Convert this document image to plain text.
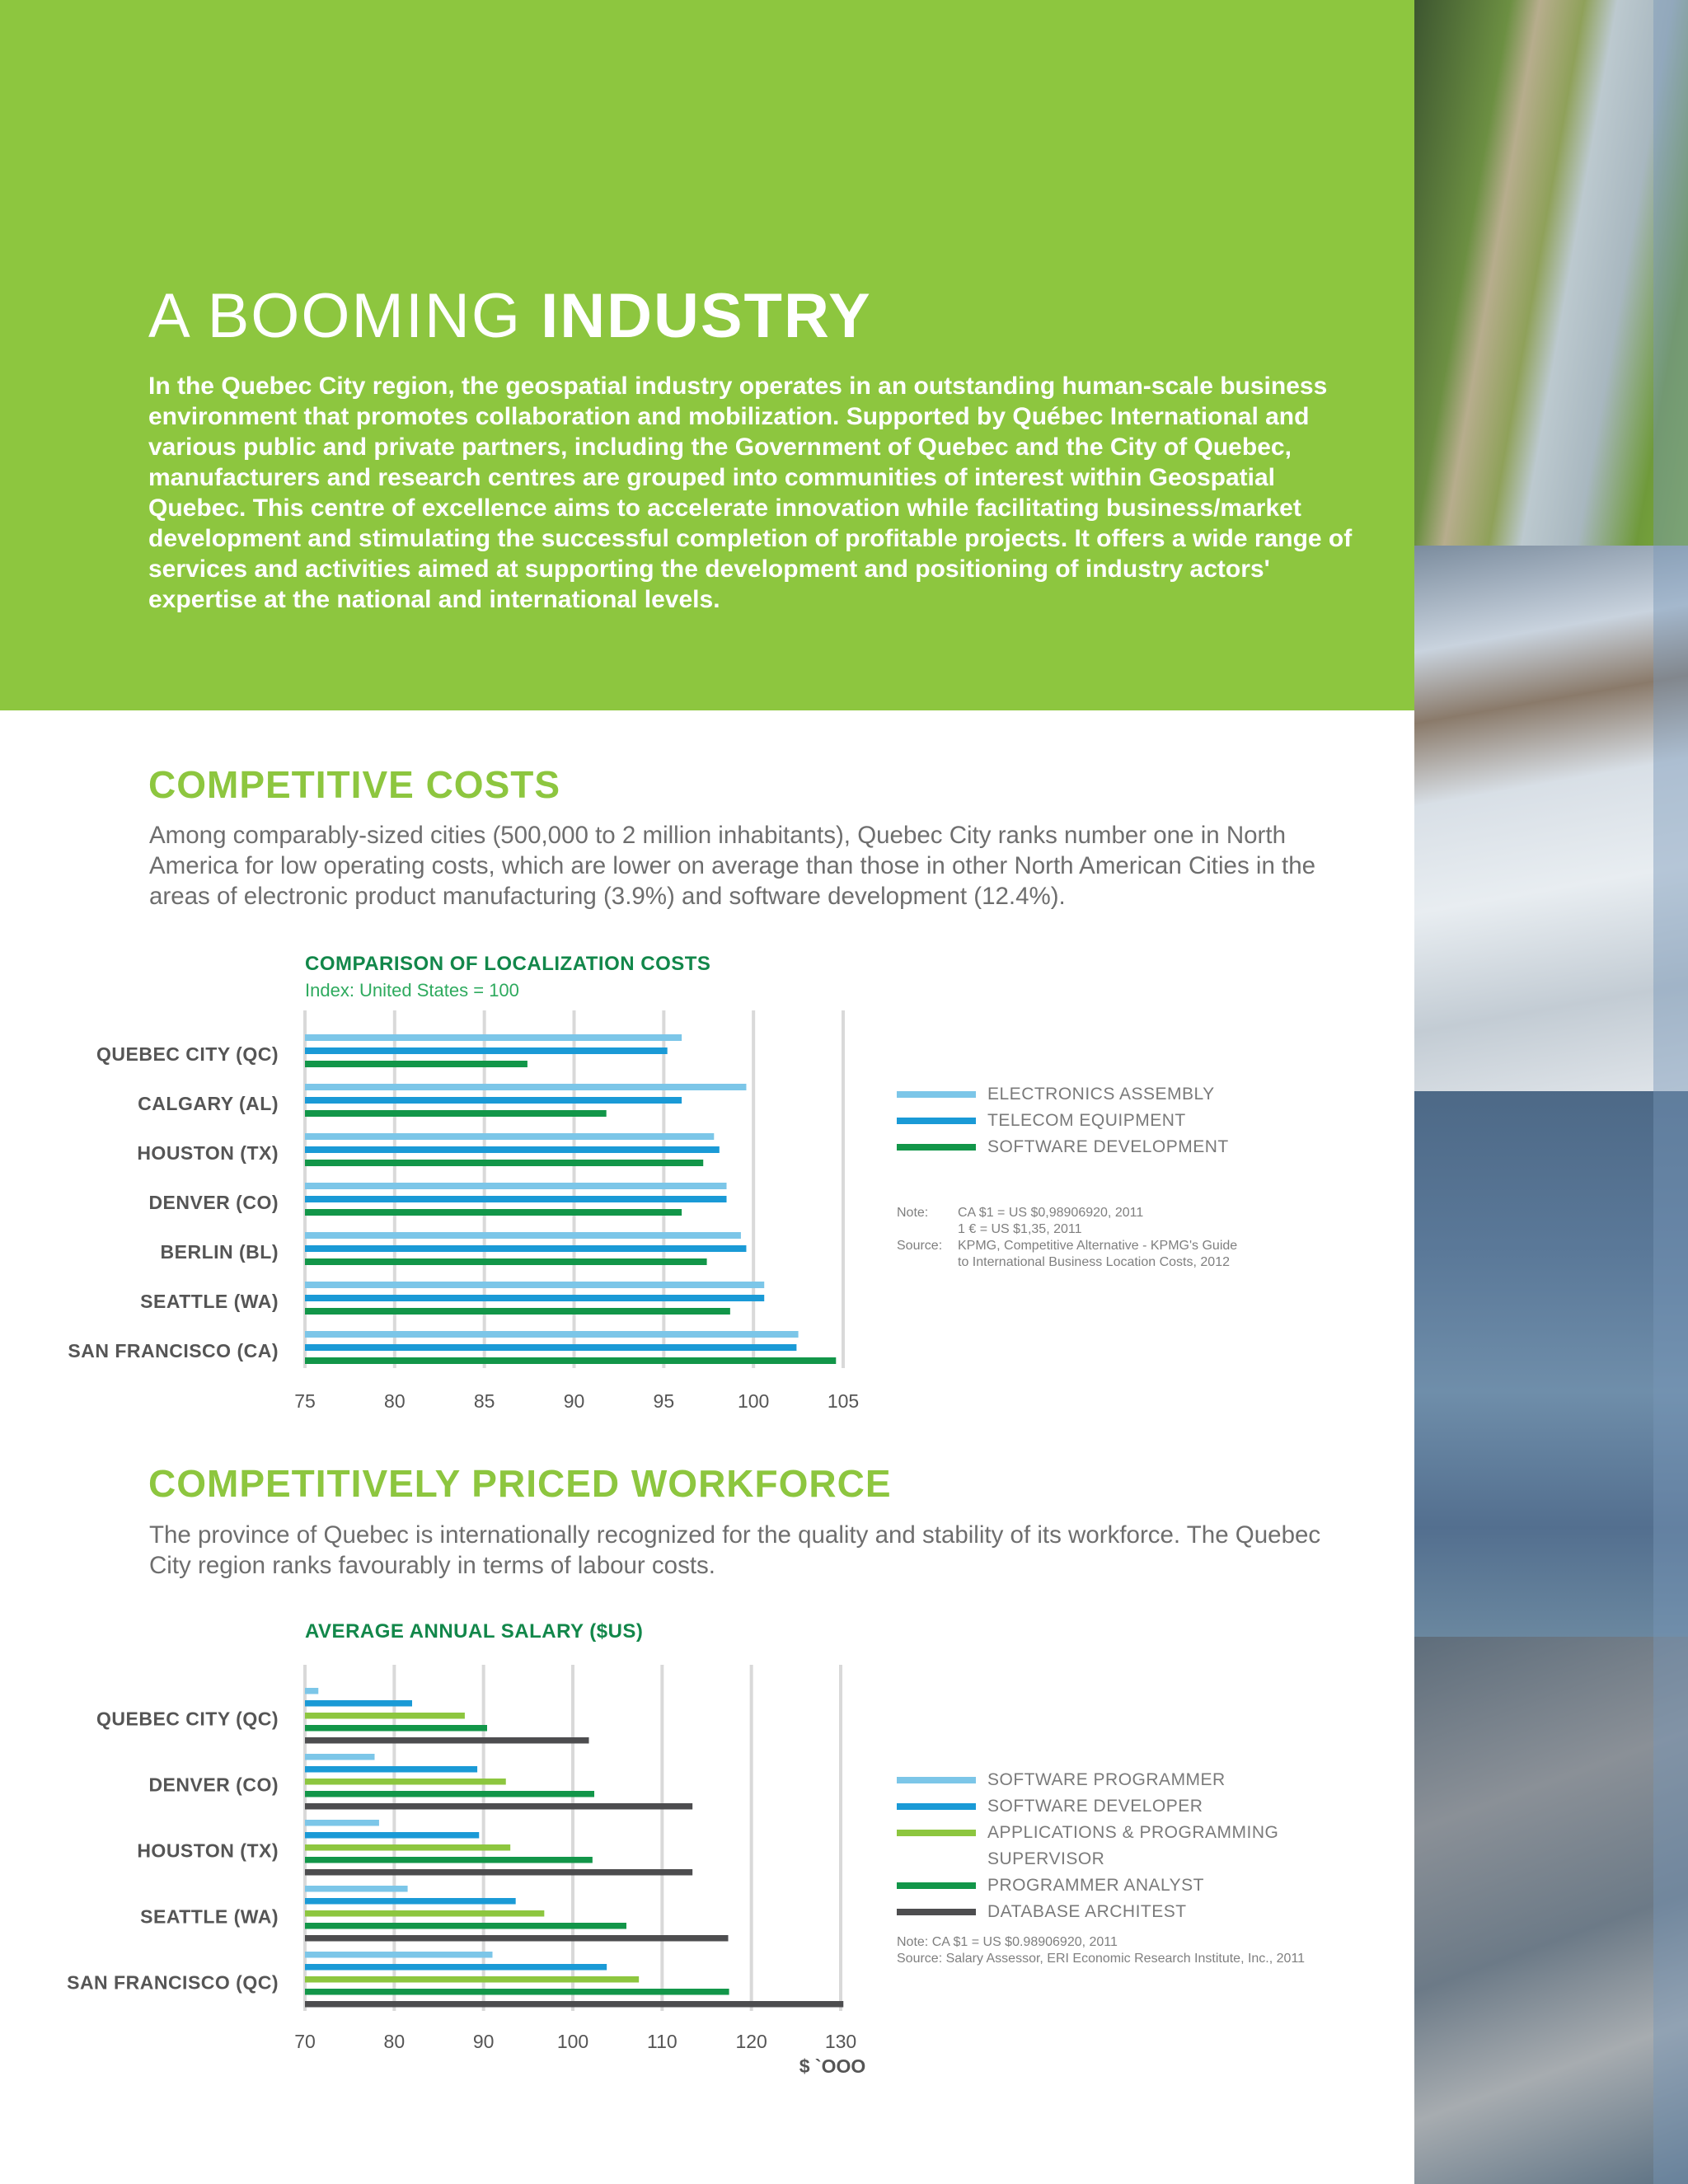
A BOOMING INDUSTRY

In the Quebec City region, the geospatial industry operates in an outstanding human-scale business environment that promotes collaboration and mobilization. Supported by Québec International and various public and private partners, including the Government of Quebec and the City of Quebec, manufacturers and research centres are grouped into communities of interest within Geospatial Quebec. This centre of excellence aims to accelerate innovation while facilitating business/market development and stimulating the successful completion of profitable projects. It offers a wide range of services and activities aimed at supporting the development and positioning of industry actors' expertise at the national and international levels.

COMPETITIVE COSTS

Among comparably-sized cities (500,000 to 2 million inhabitants), Quebec City ranks number one in North America for low operating costs, which are lower on average than those in other North American Cities in the areas of electronic product manufacturing (3.9%) and software development (12.4%).

COMPARISON OF LOCALIZATION COSTS

Index: United States = 100

75	80	85	90	95	100	105
QUEBEC CITY (QC)
CALGARY (AL)
HOUSTON (TX)
DENVER (CO)
BERLIN (BL)
SEATTLE (WA)
SAN FRANCISCO (CA)
ELECTRONICS ASSEMBLY
TELECOM EQUIPMENT
SOFTWARE DEVELOPMENT

Note: CA $1 = US $0,98906920, 2011

1 € = US $1,35, 2011

Source: KPMG, Competitive Alternative - KPMG's Guide

to International Business Location Costs, 2012

COMPETITIVELY PRICED WORKFORCE

The province of Quebec is internationally recognized for the quality and stability of its workforce. The Quebec City region ranks favourably in terms of labour costs.

AVERAGE ANNUAL SALARY ($US)

70	80	90	100	110	120	130
QUEBEC CITY (QC)
DENVER (CO)
HOUSTON (TX)
SEATTLE (WA)
SAN FRANCISCO (QC)
$ `OOO
SOFTWARE PROGRAMMER
SOFTWARE DEVELOPER
APPLICATIONS & PROGRAMMING SUPERVISOR
PROGRAMMER ANALYST
DATABASE ARCHITEST

Note: CA $1 = US $0.98906920, 2011

Source: Salary Assessor, ERI Economic Research Institute, Inc., 2011
